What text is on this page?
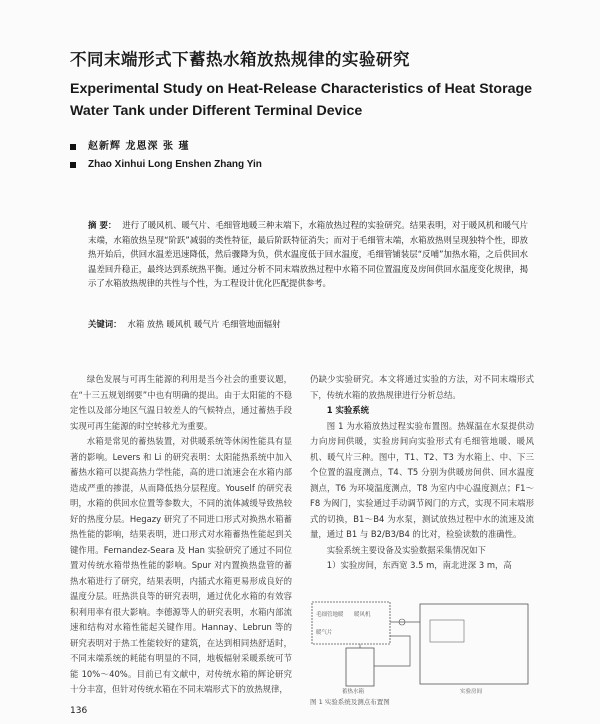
不同末端形式下蓄热水箱放热规律的实验研究
Experimental Study on Heat-Release Characteristics of Heat Storage Water Tank under Different Terminal Device
赵新辉 龙恩深 张 瑾
Zhao Xinhui Long Enshen Zhang Yin
摘 要： 进行了暖风机、暖气片、毛细管地暖三种末端下，水箱放热过程的实验研究。结果表明，对于暖风机和暖气片末端，水箱放热呈现“阶跃”减弱的类性特征，最后阶跃特征消失；而对于毛细管末端，水箱放热则呈现独特个性，即放热开始后，供回水温差迅速降低，然后骤降为负，供水温度低于回水温度，毛细管铺装层“反哺”加热水箱，之后供回水温差回升稳正，最终达到系统热平衡。通过分析不同末端放热过程中水箱不同位置温度及房间供回水温度变化规律，揭示了水箱放热规律的共性与个性，为工程设计优化匹配提供参考。
关键词： 水箱 放热 暖风机 暖气片 毛细管地面辐射

绿色发展与可再生能源的利用是当今社会的重要议题，在“十三五规划纲要”中也有明确的提出。由于太阳能的不稳定性以及部分地区气温日较差人的气候特点，通过蓄热手段实现可再生能源的时空转移尤为重要。

水箱是常见的蓄热装置，对供暖系统等休闲性能具有显著的影响。Levers 和 Li 的研究表明：太阳能热系统中加入蓄热水箱可以提高热力学性能，高的进口流速会在水箱内部造成严重的掺混，从而降低热分层程度。Youself 的研究表明，水箱的供回水位置等参数大，不同的流体减缓导致热较好的热度分层。Hegazy 研究了不同进口形式对换热水箱蓄热性能的影响，结果表明，进口形式对水箱蓄热性能起到关键作用。Fernandez-Seara 及 Han 实验研究了通过不同位置对传统水箱带热性能的影响。Spur 对内置换热盘管的蓄热水箱进行了研究，结果表明，内插式水箱更易形成良好的温度分层。旺热洪良等的研究表明，通过优化水箱的有效容积利用率有很大影响。李德源等人的研究表明，水箱内部流速和结构对水箱性能起关键作用。Hannay、Lebrun 等的研究表明对于热工性能较好的建筑，在达到相同热舒适时，不同末端系统的耗能有明显的不同，地板辐射采暖系统可节能 10%～40%。目前已有文献中，对传统水箱的辉论研究十分丰富，但针对传统水箱在不同末端形式下的放热规律，

仍缺少实验研究。本文将通过实验的方法，对不同末端形式下，传统水箱的放热规律进行分析总结。

1 实验系统

图 1 为水箱放热过程实验布置图。热媒温在水泵提供动力向房间供暖，实验房间向实验形式有毛细管地暖、暖风机、暖气片三种。图中，T1、T2、T3 为水箱上、中、下三个位置的温度测点，T4、T5 分别为供暖房间供、回水温度测点，T6 为环境温度测点，T8 为室内中心温度测点；F1～F8 为阀门，实验通过手动调节阀门的方式，实现不同末端形式的切换，B1～B4 为水泵，测试放热过程中水的流速及流量，通过 B1 与 B2/B3/B4 的比对，检验读数的准确性。

实验系统主要设备及实验数据采集情况如下

1）实验房间，东西宽 3.5 m，南北进深 3 m，高

毛细管地暖 暖风机
暖气片
蓄热水箱	实验房间
图 1 实验系统及测点布置图
136
